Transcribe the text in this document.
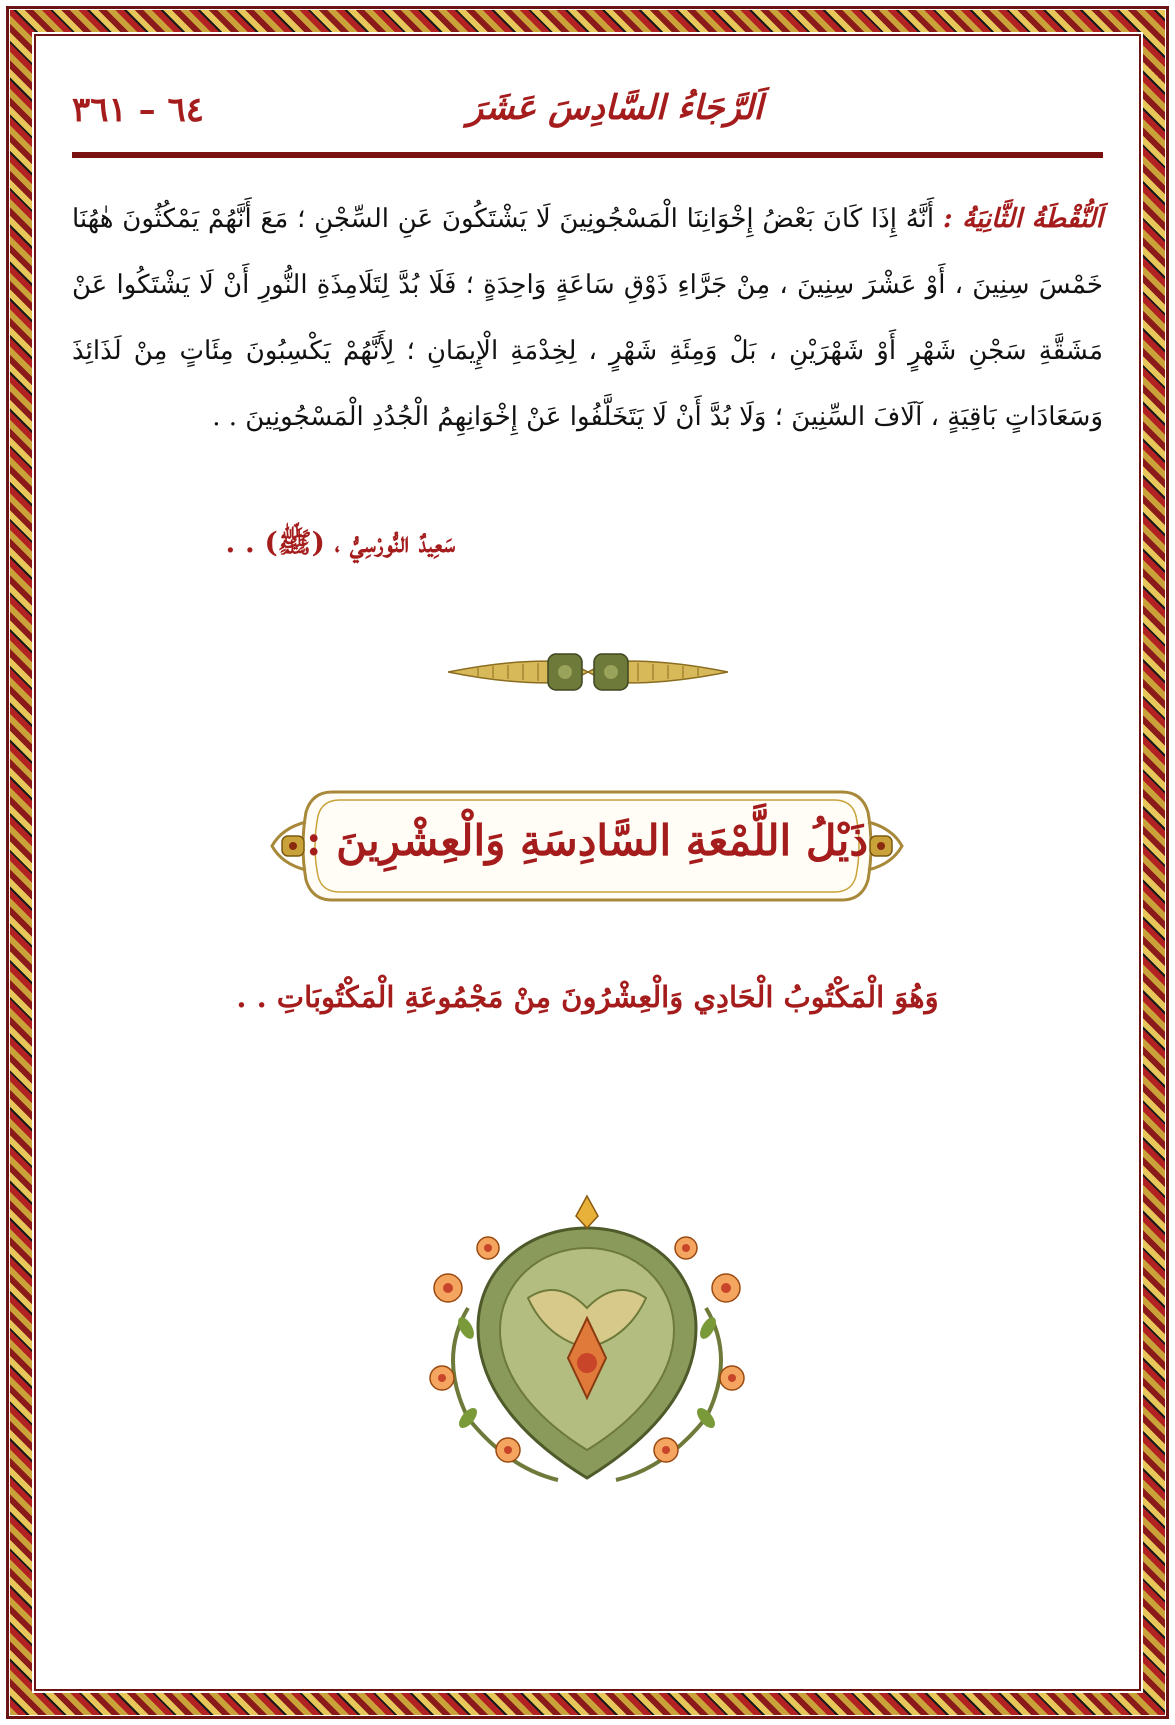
اَلرَّجَاءُ السَّادِسَ عَشَرَ
٦٤ – ٣٦١
اَلنُّقْطَةُ الثَّانِيَةُ : أَنَّهُ إِذَا كَانَ بَعْضُ إِخْوَانِنَا الْمَسْجُونِينَ لَا يَشْتَكُونَ عَنِ السِّجْنِ ؛ مَعَ أَنَّهُمْ يَمْكُثُونَ هٰهُنَا خَمْسَ سِنِينَ ، أَوْ عَشْرَ سِنِينَ ، مِنْ جَرَّاءِ ذَوْقِ سَاعَةٍ وَاحِدَةٍ ؛ فَلَا بُدَّ لِتَلَامِذَةِ النُّورِ أَنْ لَا يَشْتَكُوا عَنْ مَشَقَّةِ سَجْنِ شَهْرٍ أَوْ شَهْرَيْنِ ، بَلْ وَمِئَةِ شَهْرٍ ، لِخِدْمَةِ الْإِيمَانِ ؛ لِأَنَّهُمْ يَكْسِبُونَ مِئَاتٍ مِنْ لَذَائِذَ وَسَعَادَاتٍ بَاقِيَةٍ ، آلَافَ السِّنِينَ ؛ وَلَا بُدَّ أَنْ لَا يَتَخَلَّفُوا عَنْ إِخْوَانِهِمُ الْجُدُدِ الْمَسْجُونِينَ . .
سَعِيدٌ النُّورْسِيُّ ، (ﷺ) . .
ذَيْلُ اللَّمْعَةِ السَّادِسَةِ وَالْعِشْرِينَ :
وَهُوَ الْمَكْتُوبُ الْحَادِي وَالْعِشْرُونَ مِنْ مَجْمُوعَةِ الْمَكْتُوبَاتِ . .
